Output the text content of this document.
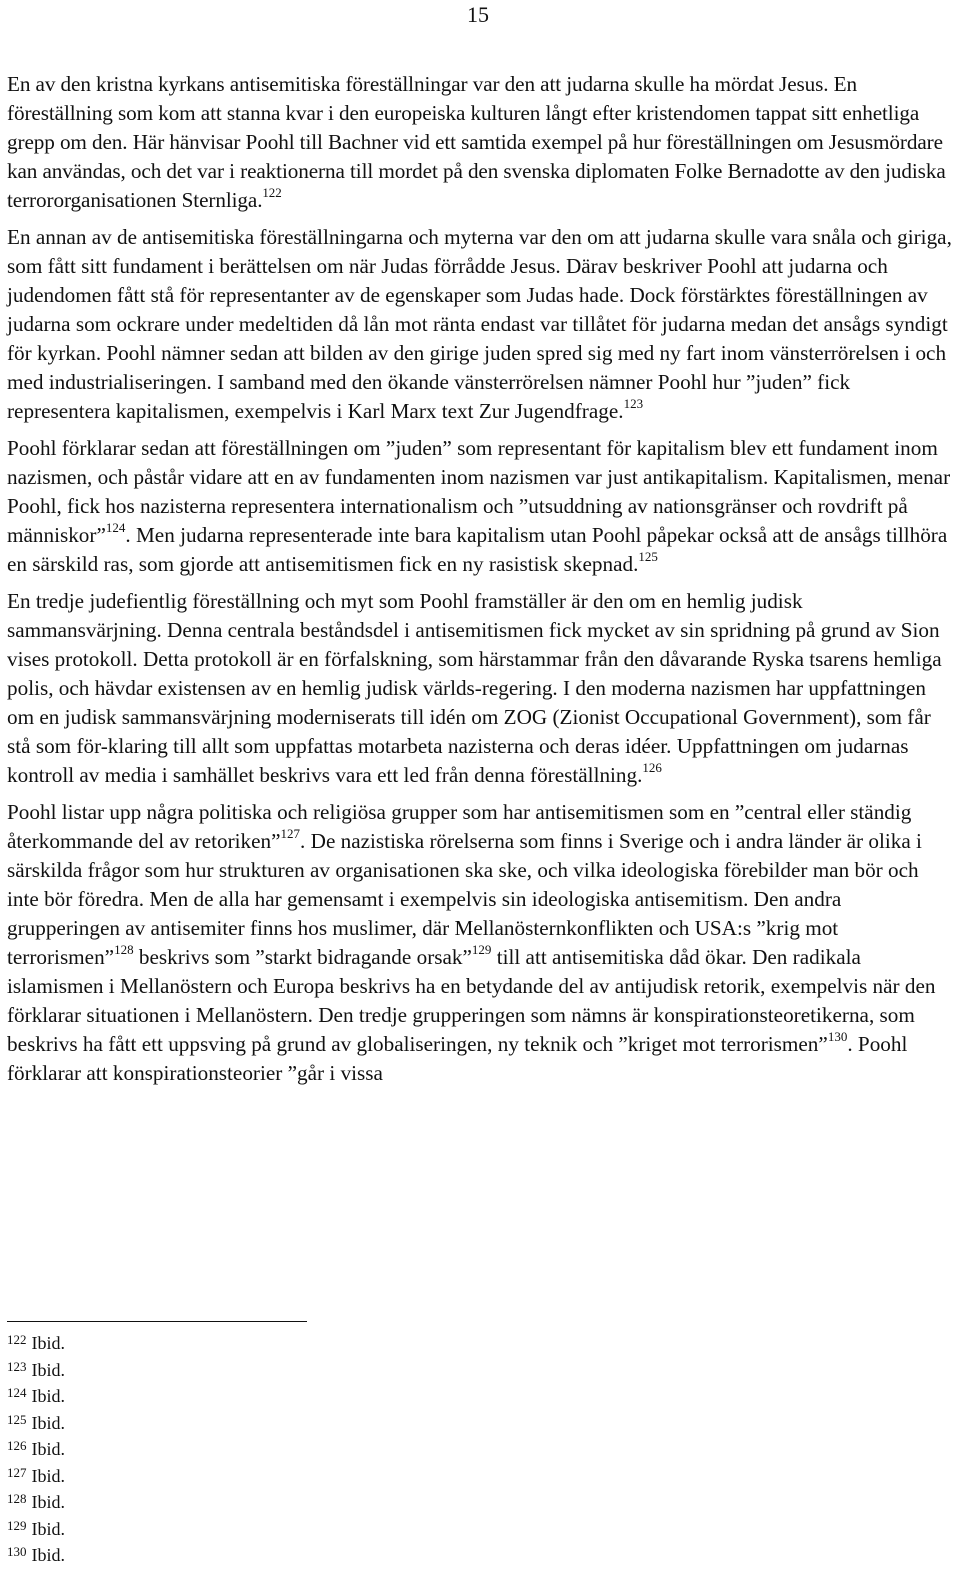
15

En av den kristna kyrkans antisemitiska föreställningar var den att judarna skulle ha mördat Jesus. En föreställning som kom att stanna kvar i den europeiska kulturen långt efter kristendomen tappat sitt enhetliga grepp om den. Här hänvisar Poohl till Bachner vid ett samtida exempel på hur föreställningen om Jesusmördare kan användas, och det var i reaktionerna till mordet på den svenska diplomaten Folke Bernadotte av den judiska terrororganisationen Sternliga.$^{122}$

En annan av de antisemitiska föreställningarna och myterna var den om att judarna skulle vara snåla och giriga, som fått sitt fundament i berättelsen om när Judas förrådde Jesus. Därav beskriver Poohl att judarna och judendomen fått stå för representanter av de egenskaper som Judas hade. Dock förstärktes föreställningen av judarna som ockrare under medeltiden då lån mot ränta endast var tillåtet för judarna medan det ansågs syndigt för kyrkan. Poohl nämner sedan att bilden av den girige juden spred sig med ny fart inom vänsterrörelsen i och med industrialiseringen. I samband med den ökande vänsterrörelsen nämner Poohl hur ”juden” fick representera kapitalismen, exempelvis i Karl Marx text Zur Jugendfrage.$^{123}$

Poohl förklarar sedan att föreställningen om ”juden” som representant för kapitalism blev ett fundament inom nazismen, och påstår vidare att en av fundamenten inom nazismen var just antikapitalism. Kapitalismen, menar Poohl, fick hos nazisterna representera internationalism och ”utsuddning av nationsgränser och rovdrift på människor”$^{124}$. Men judarna representerade inte bara kapitalism utan Poohl påpekar också att de ansågs tillhöra en särskild ras, som gjorde att antisemitismen fick en ny rasistisk skepnad.$^{125}$

En tredje judefientlig föreställning och myt som Poohl framställer är den om en hemlig judisk sammansvärjning. Denna centrala beståndsdel i antisemitismen fick mycket av sin spridning på grund av Sion vises protokoll. Detta protokoll är en förfalskning, som härstammar från den dåvarande Ryska tsarens hemliga polis, och hävdar existensen av en hemlig judisk världs-regering. I den moderna nazismen har uppfattningen om en judisk sammansvärjning moderniserats till idén om ZOG (Zionist Occupational Government), som får stå som för-klaring till allt som uppfattas motarbeta nazisterna och deras idéer. Uppfattningen om judarnas kontroll av media i samhället beskrivs vara ett led från denna föreställning.$^{126}$

Poohl listar upp några politiska och religiösa grupper som har antisemitismen som en ”central eller ständig återkommande del av retoriken”$^{127}$. De nazistiska rörelserna som finns i Sverige och i andra länder är olika i särskilda frågor som hur strukturen av organisationen ska ske, och vilka ideologiska förebilder man bör och inte bör föredra. Men de alla har gemensamt i exempelvis sin ideologiska antisemitism. Den andra grupperingen av antisemiter finns hos muslimer, där Mellanösternkonflikten och USA:s ”krig mot terrorismen”$^{128}$ beskrivs som ”starkt bidragande orsak”$^{129}$ till att antisemitiska dåd ökar. Den radikala islamismen i Mellanöstern och Europa beskrivs ha en betydande del av antijudisk retorik, exempelvis när den förklarar situationen i Mellanöstern. Den tredje grupperingen som nämns är konspirationsteoretikerna, som beskrivs ha fått ett uppsving på grund av globaliseringen, ny teknik och ”kriget mot terrorismen”$^{130}$. Poohl förklarar att konspirationsteorier ”går i vissa

122 Ibid.
123 Ibid.
124 Ibid.
125 Ibid.
126 Ibid.
127 Ibid.
128 Ibid.
129 Ibid.
130 Ibid.
